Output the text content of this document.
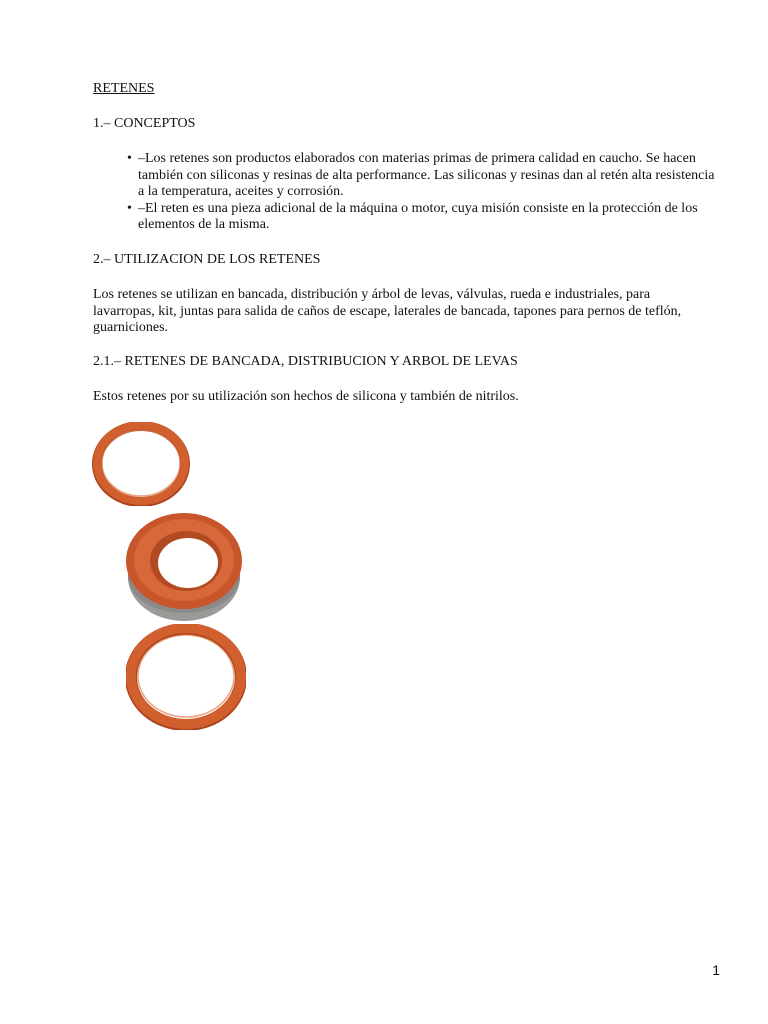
RETENES

1.– CONCEPTOS

• –Los retenes son productos elaborados con materias primas de primera calidad en caucho. Se hacen también con siliconas y resinas de alta performance. Las siliconas y resinas dan al retén alta resistencia a la temperatura, aceites y corrosión.
• –El reten es una pieza adicional de la máquina o motor, cuya misión consiste en la protección de los elementos de la misma.

2.– UTILIZACION DE LOS RETENES

Los retenes se utilizan en bancada, distribución y árbol de levas, válvulas, rueda e industriales, para lavarropas, kit, juntas para salida de caños de escape, laterales de bancada, tapones para pernos de teflón, guarniciones.

2.1.– RETENES DE BANCADA, DISTRIBUCION Y ARBOL DE LEVAS

Estos retenes por su utilización son hechos de silicona y también de nitrilos.

1
